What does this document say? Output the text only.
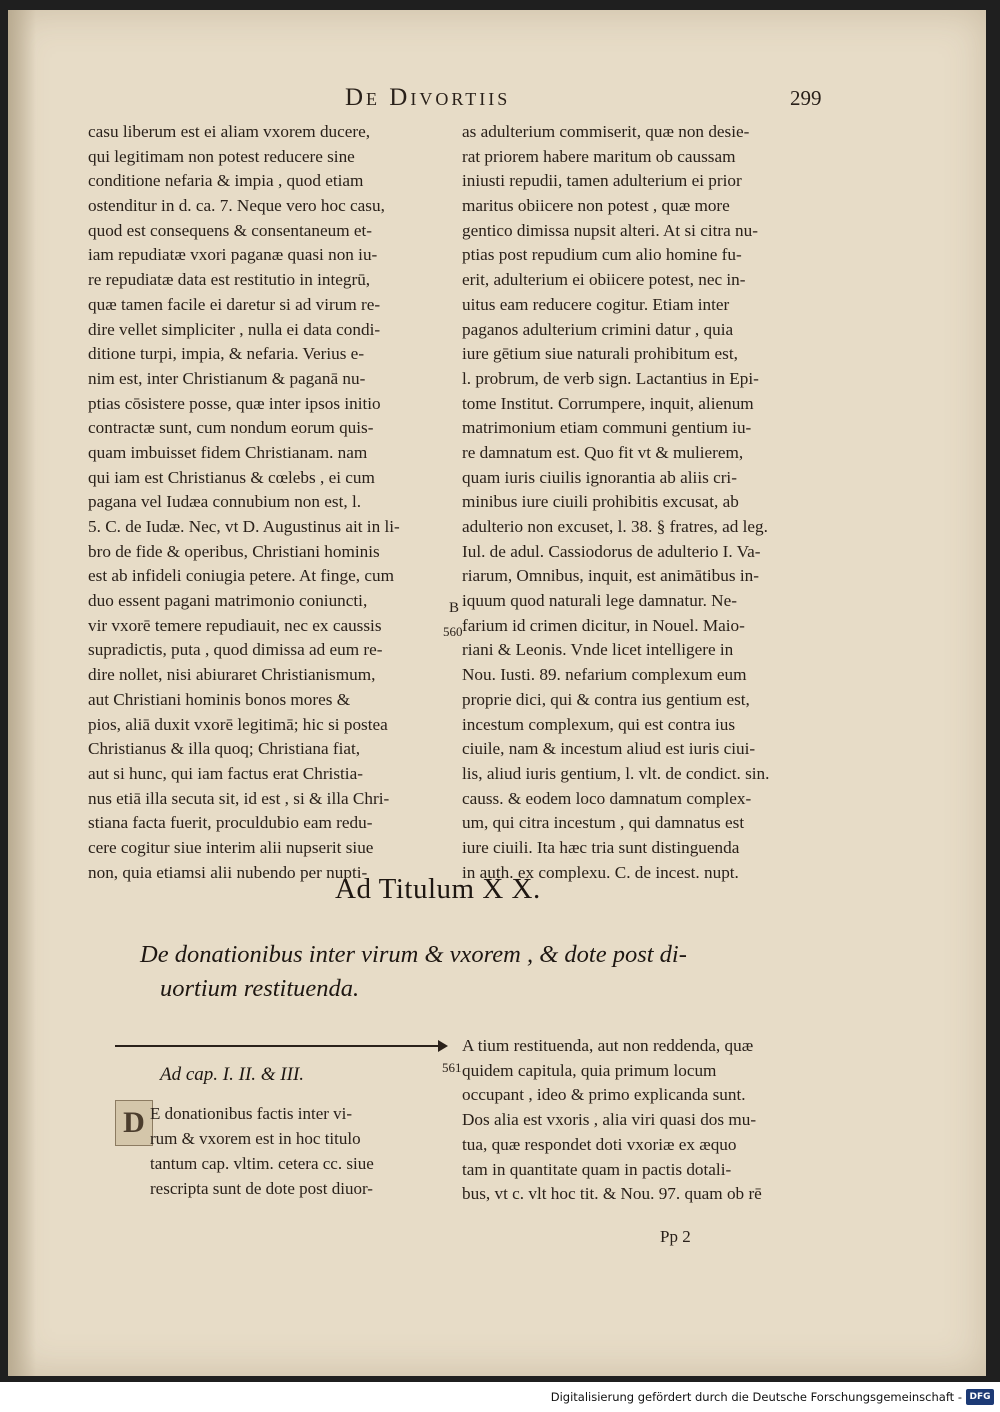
De Divortiis	299
casu liberum est ei aliam vxorem ducere,
qui legitimam non potest reducere sine
conditione nefaria & impia , quod etiam
ostenditur in d. ca. 7. Neque vero hoc casu,
quod est consequens & consentaneum et-
iam repudiatæ vxori paganæ quasi non iu-
re repudiatæ data est restitutio in integrū,
quæ tamen facile ei daretur si ad virum re-
dire vellet simpliciter , nulla ei data condi-
ditione turpi, impia, & nefaria. Verius e-
nim est, inter Christianum & paganā nu-
ptias cōsistere posse, quæ inter ipsos initio
contractæ sunt, cum nondum eorum quis-
quam imbuisset fidem Christianam. nam
qui iam est Christianus & cœlebs , ei cum
pagana vel Iudæa connubium non est, l.
5. C. de Iudæ. Nec, vt D. Augustinus ait in li-
bro de fide & operibus, Christiani hominis
est ab infideli coniugia petere. At finge, cum
duo essent pagani matrimonio coniuncti,
vir vxorē temere repudiauit, nec ex caussis
supradictis, puta , quod dimissa ad eum re-
dire nollet, nisi abiuraret Christianismum,
aut Christiani hominis bonos mores &
pios, aliā duxit vxorē legitimā; hic si postea
Christianus & illa quoq; Christiana fiat,
aut si hunc, qui iam factus erat Christia-
nus etiā illa secuta sit, id est , si & illa Chri-
stiana facta fuerit, proculdubio eam redu-
cere cogitur siue interim alii nupserit siue
non, quia etiamsi alii nubendo per nupti-
as adulterium commiserit, quæ non desie-
rat priorem habere maritum ob caussam
iniusti repudii, tamen adulterium ei prior
maritus obiicere non potest , quæ more
gentico dimissa nupsit alteri. At si citra nu-
ptias post repudium cum alio homine fu-
erit, adulterium ei obiicere potest, nec in-
uitus eam reducere cogitur. Etiam inter
paganos adulterium crimini datur , quia
iure gētium siue naturali prohibitum est,
l. probrum, de verb sign. Lactantius in Epi-
tome Institut. Corrumpere, inquit, alienum
matrimonium etiam communi gentium iu-
re damnatum est. Quo fit vt & mulierem,
quam iuris ciuilis ignorantia ab aliis cri-
minibus iure ciuili prohibitis excusat, ab
adulterio non excuset, l. 38. § fratres, ad leg.
Iul. de adul. Cassiodorus de adulterio I. Va-
riarum, Omnibus, inquit, est animātibus in-
iquum quod naturali lege damnatur. Ne-
farium id crimen dicitur, in Nouel. Maio-
riani & Leonis. Vnde licet intelligere in
Nou. Iusti. 89. nefarium complexum eum
proprie dici, qui & contra ius gentium est,
incestum complexum, qui est contra ius
ciuile, nam & incestum aliud est iuris ciui-
lis, aliud iuris gentium, l. vlt. de condict. sin.
causs. & eodem loco damnatum complex-
um, qui citra incestum , qui damnatus est
iure ciuili. Ita hæc tria sunt distinguenda
in auth. ex complexu. C. de incest. nupt.
B
560
561
Ad Titulum X X.
De donationibus inter virum & vxorem , & dote post di-
uortium restituenda.
Ad cap. I. II. & III.
D E donationibus factis inter vi-
rum & vxorem est in hoc titulo
tantum cap. vltim. cetera cc. siue
rescripta sunt de dote post diuor-
A tium restituenda, aut non reddenda, quæ
quidem capitula, quia primum locum
occupant , ideo & primo explicanda sunt.
Dos alia est vxoris , alia viri quasi dos mu-
tua, quæ respondet doti vxoriæ ex æquo
tam in quantitate quam in pactis dotali-
bus, vt c. vlt hoc tit. & Nou. 97. quam ob rē
Pp 2
Digitalisierung gefördert durch die Deutsche Forschungsgemeinschaft - DFG
